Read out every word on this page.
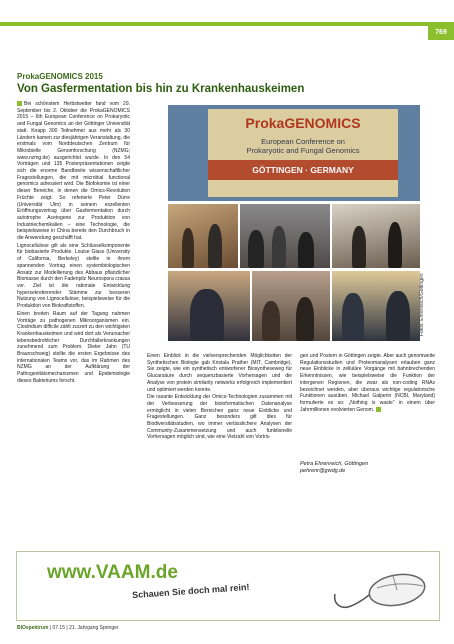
769
ProkaGENOMICS 2015
Von Gasfermentation bis hin zu Krankenhauskeimen

Bei schönstem Herbstwetter fand vom 29. September bis 2. Oktober die ProkaGENOMICS 2015 – 6th European Conference on Prokaryotic and Fungal Genomics an der Göttinger Universität statt. Knapp 300 Teilnehmer aus mehr als 30 Ländern kamen zur diesjährigen Veranstaltung, die erstmals vom Norddeutschen Zentrum für Mikrobielle Genomforschung (NZMG; www.nzmg.de) ausgerichtet wurde. In den 54 Vorträgen und 135 Posterpräsentationen zeigte sich die enorme Bandbreite wissenschaftlicher Fragestellungen, die mit microbial functional genomics adressiert wird. Die Biofokomie ist einer dieser Bereiche, in denen die Omics-Revolution Früchte zeigt. So referierte Peter Dürre (Universität Ulm) in seinem exzellenten Eröffnungsvortrag über Gasfermentation durch autotrophe Acetogene zur Produktion von Industriechemikalien – eine Technologie, die beispielsweise in China bereits den Durchbruch in die Anwendung geschafft hat.

Lignocellulose gilt als eine Schlüsselkomponente für biobasierte Produkte. Louise Glass (University of California, Berkeley) stellte in ihrem spannenden Vortrag einen systembiologischen Ansatz zur Modellierung des Abbaus pflanzlicher Biomasse durch den Fadenpilz Neurospora crassa vor. Ziel ist die rationale Entwicklung hypersekretierender Stämme zur besseren Nutzung von Lignocellulose, beispielsweise für die Produktion von Biokraftstoffen.

Einen breiten Raum auf der Tagung nahmen Vorträge zu pathogenen Mikroorganismen ein. Clostridium difficile zählt zurzeit zu den wichtigsten Krankenhauskeimen und wird dort als Verursacher lebensbedrohlicher Durchfallerkrankungen zunehmend zum Problem. Dieter Jahn (TU Braunschweig) stellte die ersten Ergebnisse des internationalen Teams vor, das im Rahmen des NZMG an der Aufklärung der Pathogenitätsmechanismen und Epidemiologie dieses Bakteriums forscht.

ProkaGENOMICS
European Conference on
Prokaryotic and Fungal Genomics
GÖTTINGEN · GERMANY
Fotos: Ehrenreich/Göttingen

Einen Einblick in die vielversprechenden Möglichkeiten der Synthetischen Biologie gab Kristala Prather (MIT, Cambridge). Sie zeigte, wie ein synthetisch entworfener Biosyntheseweg für Glucarsäure durch sequenzbasierte Vorhersagen und die Analyse von protein similarity networks erfolgreich implementiert und optimiert werden konnte.

Die rasante Entwicklung der Omics-Technologien zusammen mit der Verbesserung der bioinformatischen Datenanalyse ermöglicht in vielen Bereichen ganz neue Einblicke und Fragestellungen. Ganz besonders gilt dies für Biodiversitätsstudien, wo immer verlässlichere Analysen der Community-Zusammensetzung und auch funktionelle Vorhersagen möglich sind, wie eine Vielzahl von Vorträ-

gen und Postern in Göttingen zeigte. Aber auch genomweite Regulationsstudien und Proteomanalysen erlauben ganz neue Einblicke in zelluläre Vorgänge mit bahnbrechenden Erkenntnissen, wie beispielsweise die Funktion der intergenen Regionen, die zwar als non-coding RNAs bezeichnet werden, aber überaus wichtige regulatorische Funktionen ausüben. Michael Galperin (NCBI, Maryland) formulierte es so: „Nothing is waste“ in einem über Jahrmillionen evolvierten Genom.

Petra Ehrenreich, Göttingen
pehrenr@gwdg.de
www.VAAM.de
Schauen Sie doch mal rein!
BIOspektrum | 07.15 | 21. Jahrgang Springer
